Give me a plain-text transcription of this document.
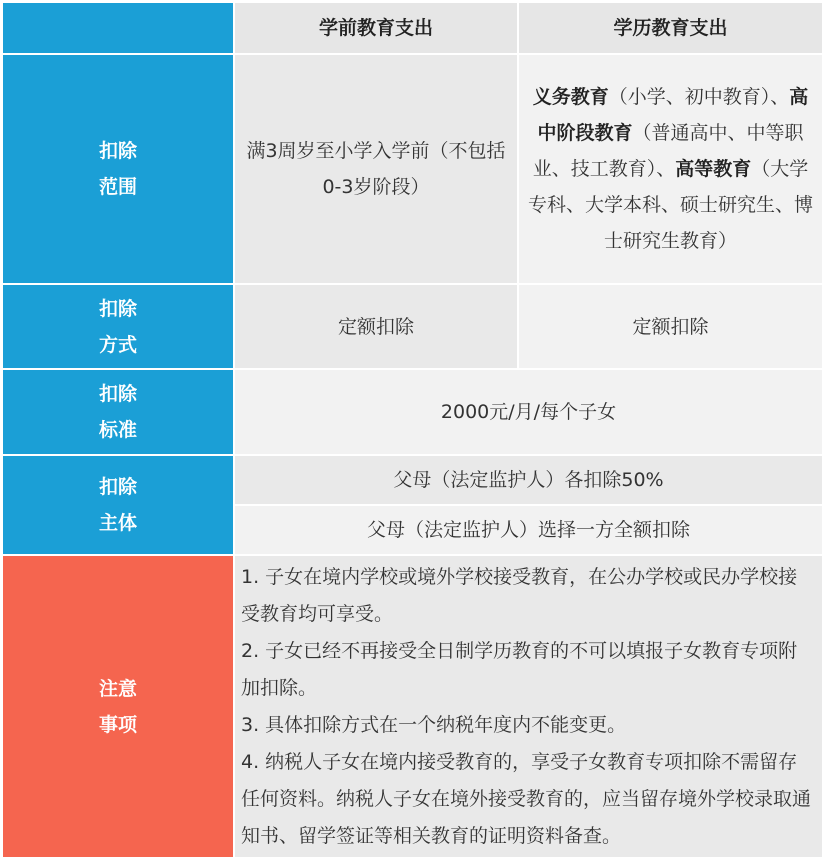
	学前教育支出	学历教育支出

扣除
范围	满3周岁至小学入学前（不包括0-3岁阶段）	义务教育（小学、初中教育）、高中阶段教育（普通高中、中等职业、技工教育）、高等教育（大学专科、大学本科、硕士研究生、博士研究生教育）

扣除
方式	定额扣除	定额扣除

扣除
标准	2000元/月/每个子女	

扣除
主体	父母（法定监护人）各扣除50%	
	父母（法定监护人）选择一方全额扣除	

注意
事项	1. 子女在境内学校或境外学校接受教育，在公办学校或民办学校接受教育均可享受。
2. 子女已经不再接受全日制学历教育的不可以填报子女教育专项附加扣除。
3. 具体扣除方式在一个纳税年度内不能变更。
4. 纳税人子女在境内接受教育的，享受子女教育专项扣除不需留存任何资料。纳税人子女在境外接受教育的，应当留存境外学校录取通知书、留学签证等相关教育的证明资料备查。	
